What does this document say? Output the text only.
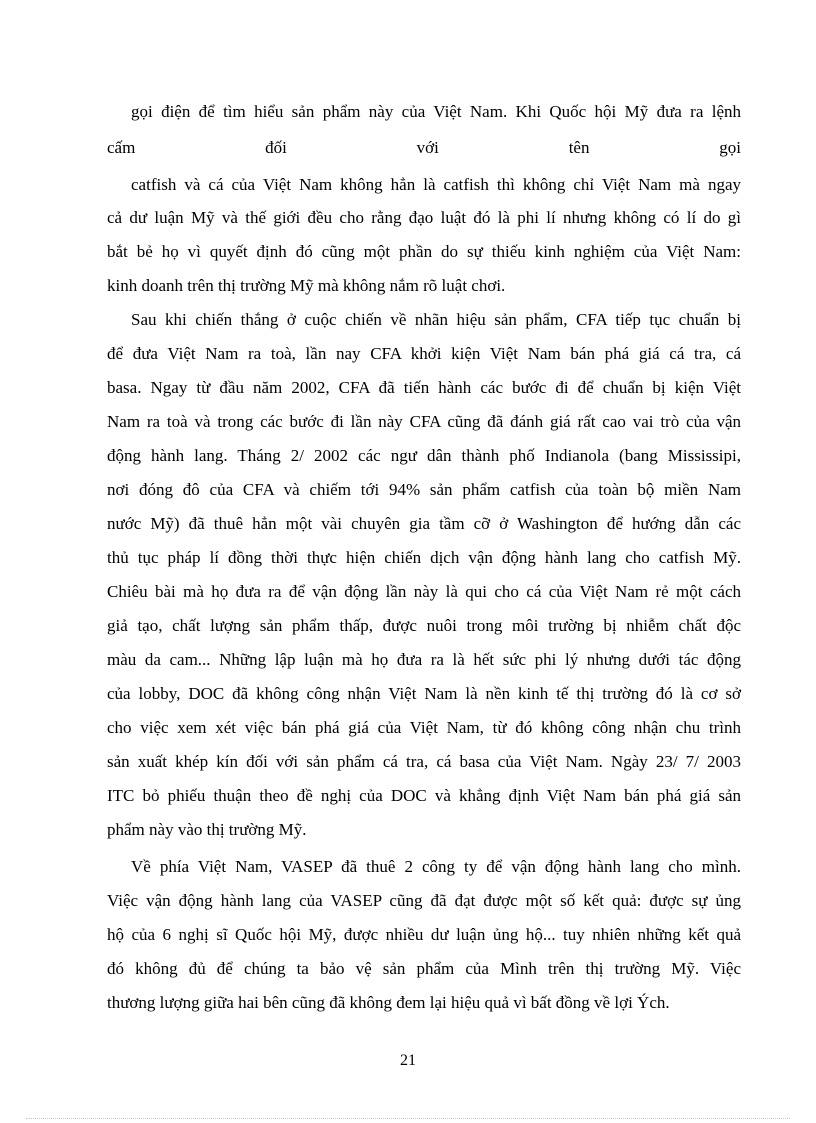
gọi điện để tìm hiểu sản phẩm này của Việt Nam. Khi Quốc hội Mỹ đưa ra lệnh
cấm đối với tên gọi
catfish và cá của Việt Nam không hẳn là catfish thì không chỉ Việt Nam mà ngay
cả dư luận Mỹ và thế giới đều cho rằng đạo luật đó là phi lí nhưng không có lí do gì
bắt bẻ họ vì quyết định đó cũng một phần do sự thiếu kinh nghiệm của Việt Nam:
kinh doanh trên thị trường Mỹ mà không nắm rõ luật chơi.
Sau khi chiến thắng ở cuộc chiến về nhãn hiệu sản phẩm, CFA tiếp tục chuẩn bị
để đưa Việt Nam ra toà, lần nay CFA khởi kiện Việt Nam bán phá giá cá tra, cá
basa. Ngay từ đầu năm 2002, CFA đã tiến hành các bước đi để chuẩn bị kiện Việt
Nam ra toà và trong các bước đi lần này CFA cũng đã đánh giá rất cao vai trò của vận
động hành lang. Tháng 2/ 2002 các ngư dân thành phố Indianola (bang Mississipi,
nơi đóng đô của CFA và chiếm tới 94% sản phẩm catfish của toàn bộ miền Nam
nước Mỹ) đã thuê hẳn một vài chuyên gia tầm cỡ ở Washington để hướng dẫn các
thủ tục pháp lí đồng thời thực hiện chiến dịch vận động hành lang cho catfish Mỹ.
Chiêu bài mà họ đưa ra để vận động lần này là qui cho cá của Việt Nam rẻ một cách
giả tạo, chất lượng sản phẩm thấp, được nuôi trong môi trường bị nhiễm chất độc
màu da cam... Những lập luận mà họ đưa ra là hết sức phi lý nhưng dưới tác động
của lobby, DOC đã không công nhận Việt Nam là nền kinh tế thị trường đó là cơ sở
cho việc xem xét việc bán phá giá của Việt Nam, từ đó không công nhận chu trình
sản xuất khép kín đối với sản phẩm cá tra, cá basa của Việt Nam. Ngày 23/ 7/ 2003
ITC bỏ phiếu thuận theo đề nghị của DOC và khẳng định Việt Nam bán phá giá sản
phẩm này vào thị trường Mỹ.
Về phía Việt Nam, VASEP đã thuê 2 công ty để vận động hành lang cho mình.
Việc vận động hành lang của VASEP cũng đã đạt được một số kết quả: được sự ủng
hộ của 6 nghị sĩ Quốc hội Mỹ, được nhiều dư luận ủng hộ... tuy nhiên những kết quả
đó không đủ để chúng ta bảo vệ sản phẩm của Mình trên thị trường Mỹ. Việc
thương lượng giữa hai bên cũng đã không đem lại hiệu quả vì bất đồng về lợi Ých.
21
